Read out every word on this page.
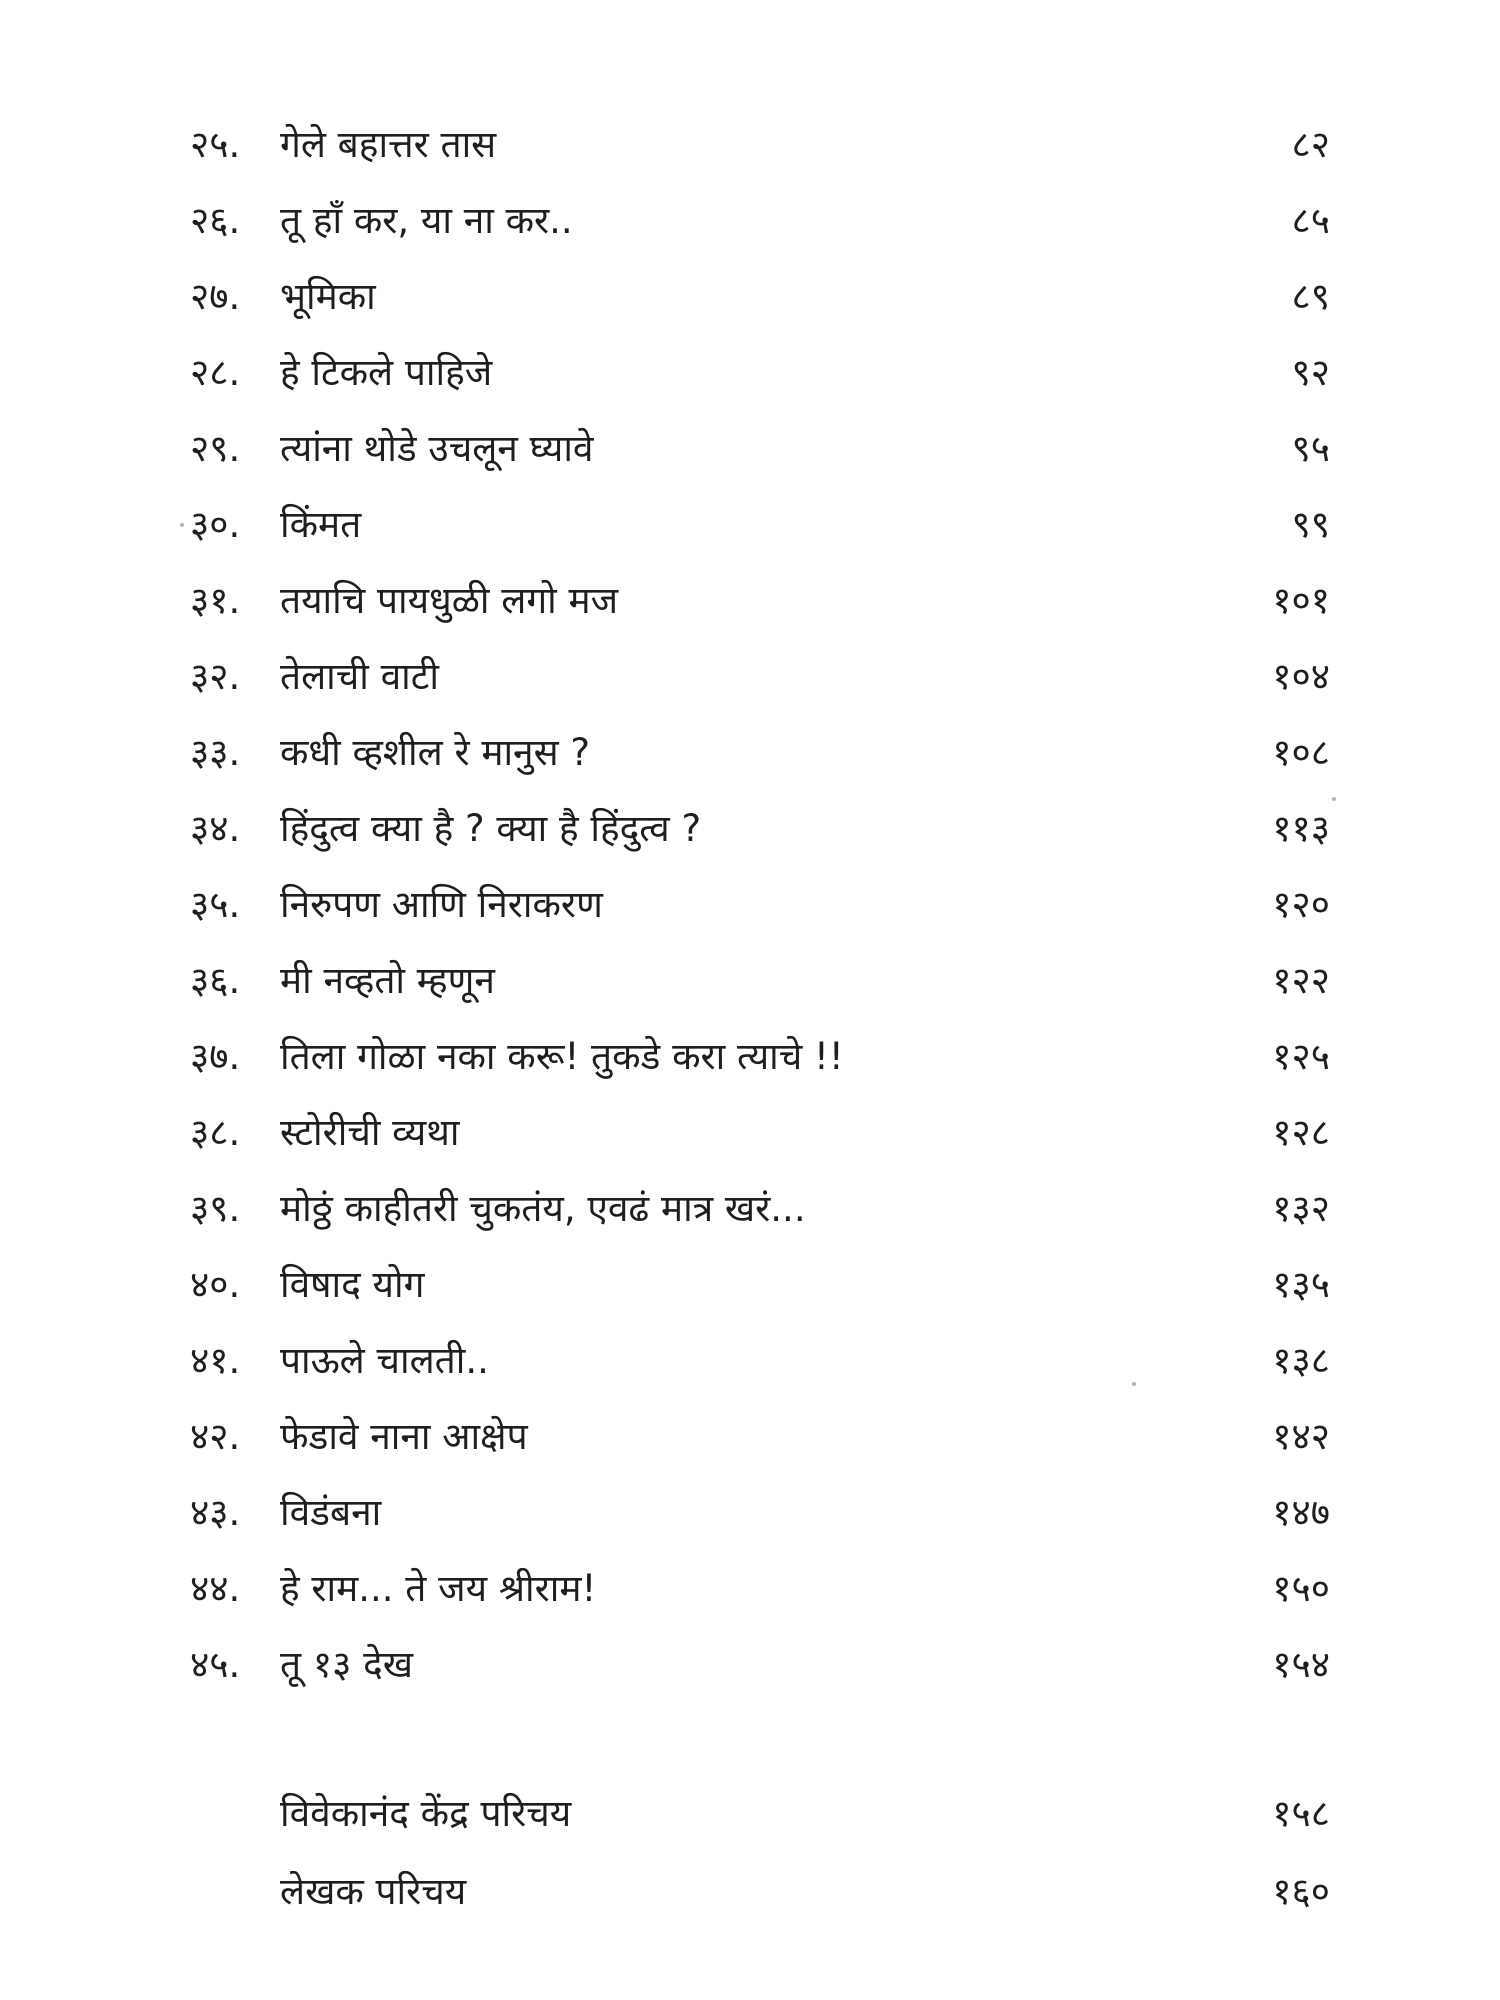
२५.	गेले बहात्तर तास	८२
२६.	तू हाँ कर, या ना कर..	८५
२७.	भूमिका	८९
२८.	हे टिकले पाहिजे	९२
२९.	त्यांना थोडे उचलून घ्यावे	९५
३०.	किंमत	९९
३१.	तयाचि पायधुळी लगो मज	१०१
३२.	तेलाची वाटी	१०४
३३.	कधी व्हशील रे मानुस ?	१०८
३४.	हिंदुत्व क्या है ? क्या है हिंदुत्व ?	११३
३५.	निरुपण आणि निराकरण	१२०
३६.	मी नव्हतो म्हणून	१२२
३७.	तिला गोळा नका करू! तुकडे करा त्याचे !!	१२५
३८.	स्टोरीची व्यथा	१२८
३९.	मोठ्ठं काहीतरी चुकतंय, एवढं मात्र खरं...	१३२
४०.	विषाद योग	१३५
४१.	पाऊले चालती..	१३८
४२.	फेडावे नाना आक्षेप	१४२
४३.	विडंबना	१४७
४४.	हे राम... ते जय श्रीराम!	१५०
४५.	तू १३ देख	१५४
विवेकानंद केंद्र परिचय	१५८
लेखक परिचय	१६०
